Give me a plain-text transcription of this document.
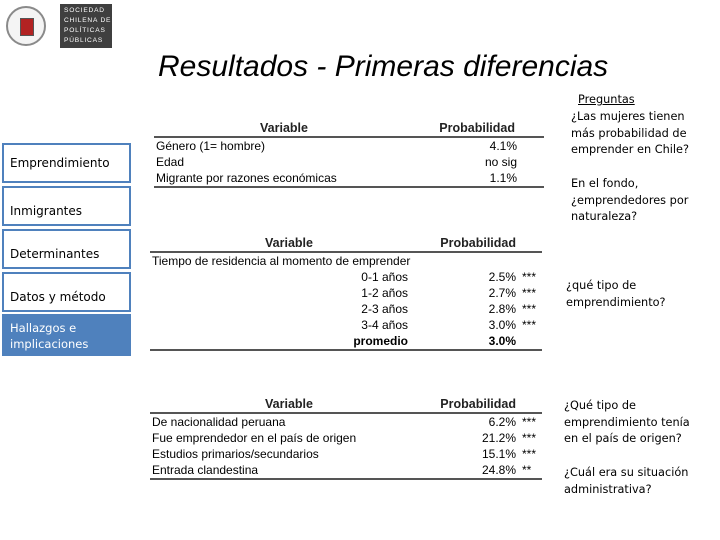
SOCIEDAD
CHILENA DE
POLÍTICAS
PÚBLICAS
Resultados - Primeras diferencias
Emprendimiento
Inmigrantes
Determinantes
Datos y método
Hallazgos e implicaciones
Variable	Probabilidad	
Género (1= hombre)	4.1%	
Edad	no sig	
Migrante por razones económicas	1.1%	
Variable	Probabilidad	
Tiempo de residencia al momento de emprender		
0-1 años	2.5%	***
1-2 años	2.7%	***
2-3 años	2.8%	***
3-4 años	3.0%	***
promedio	3.0%	
Variable	Probabilidad	
De nacionalidad peruana	6.2%	***
Fue emprendedor en el país de origen	21.2%	***
Estudios primarios/secundarios	15.1%	***
Entrada clandestina	24.8%	**
Preguntas
¿Las mujeres tienen más probabilidad de emprender en Chile?
En el fondo, ¿emprendedores por naturaleza?
¿qué tipo de emprendimiento?
¿Qué tipo de emprendimiento tenía en el país de origen?
¿Cuál era su situación administrativa?
